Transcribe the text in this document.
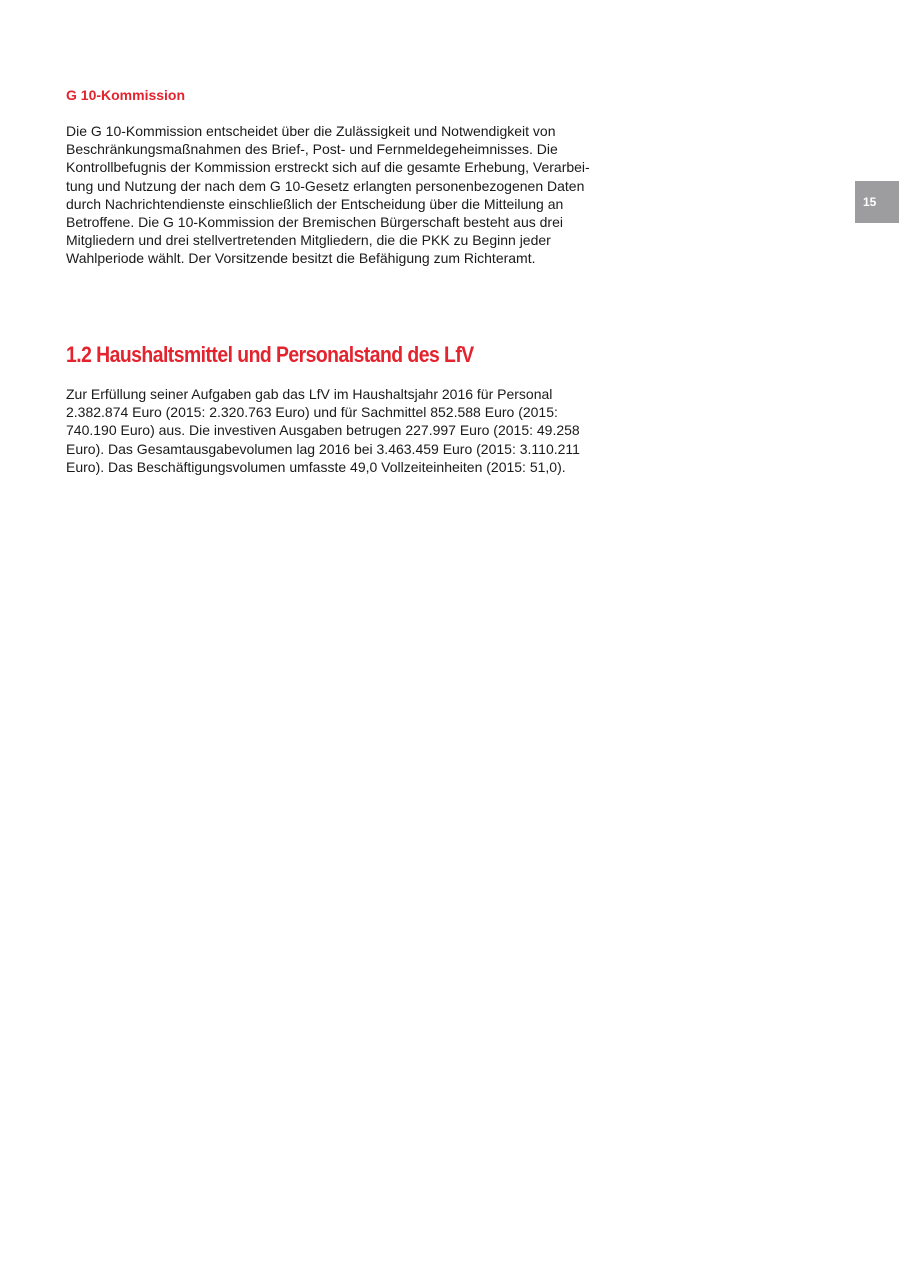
G 10-Kommission

Die G 10-Kommission entscheidet über die Zulässigkeit und Notwendigkeit von
Beschränkungsmaßnahmen des Brief-, Post- und Fernmeldegeheimnisses. Die
Kontrollbefugnis der Kommission erstreckt sich auf die gesamte Erhebung, Verarbei-
tung und Nutzung der nach dem G 10-Gesetz erlangten personenbezogenen Daten
durch Nachrichtendienste einschließlich der Entscheidung über die Mitteilung an
Betroffene. Die G 10-Kommission der Bremischen Bürgerschaft besteht aus drei
Mitgliedern und drei stellvertretenden Mitgliedern, die die PKK zu Beginn jeder
Wahlperiode wählt. Der Vorsitzende besitzt die Befähigung zum Richteramt.

15
1.2 Haushaltsmittel und Personalstand des LfV

Zur Erfüllung seiner Aufgaben gab das LfV im Haushaltsjahr 2016 für Personal
2.382.874 Euro (2015: 2.320.763 Euro) und für Sachmittel 852.588 Euro (2015:
740.190 Euro) aus. Die investiven Ausgaben betrugen 227.997 Euro (2015: 49.258
Euro). Das Gesamtausgabevolumen lag 2016 bei 3.463.459 Euro (2015: 3.110.211
Euro). Das Beschäftigungsvolumen umfasste 49,0 Vollzeiteinheiten (2015: 51,0).
